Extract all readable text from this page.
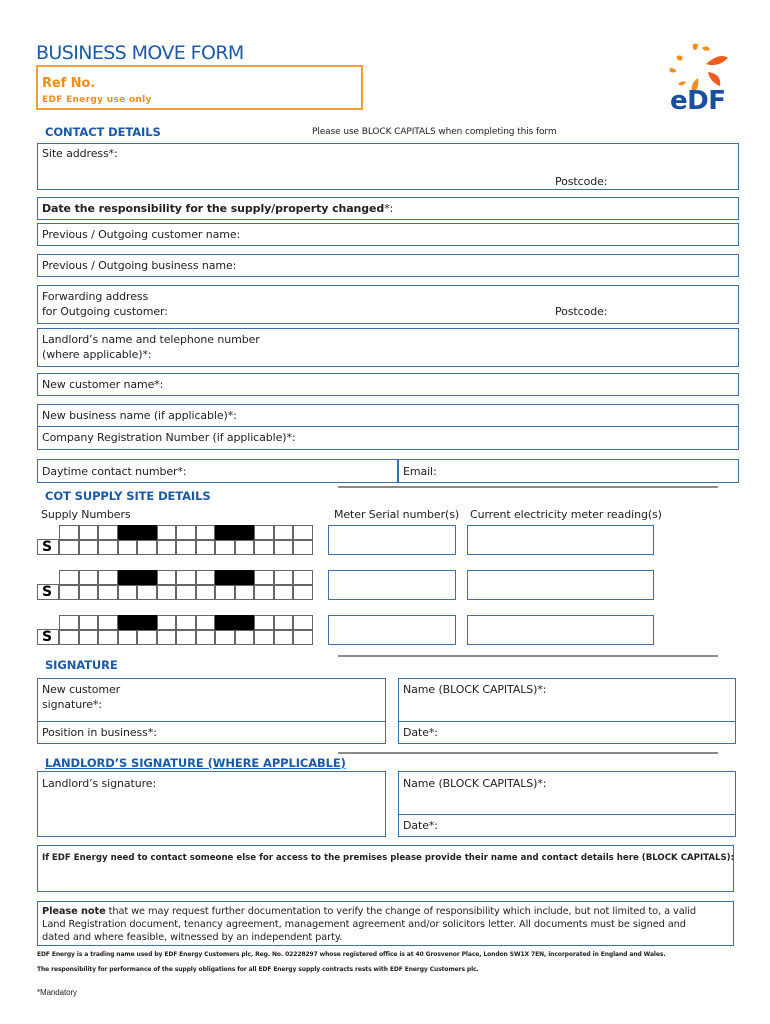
BUSINESS MOVE FORM
Ref No.
EDF Energy use only	eDF
CONTACT DETAILS	Please use BLOCK CAPITALS when completing this form
Site address*:
Postcode:
Date the responsibility for the supply/property changed*:
Previous / Outgoing customer name:
Previous / Outgoing business name:
Forwarding address
for Outgoing customer:	Postcode:
Landlord’s name and telephone number
(where applicable)*:
New customer name*:
New business name (if applicable)*:
Company Registration Number (if applicable)*:
Daytime contact number*:	Email:
COT SUPPLY SITE DETAILS
Supply Numbers	Meter Serial number(s) Current electricity meter reading(s)
S
S
S
SIGNATURE
New customer
signature*:
Name (BLOCK CAPITALS)*:
Position in business*:	Date*:
LANDLORD’S SIGNATURE (WHERE APPLICABLE)
Landlord’s signature:	Name (BLOCK CAPITALS)*:
Date*:
If EDF Energy need to contact someone else for access to the premises please provide their name and contact details here (BLOCK CAPITALS):
Please note that we may request further documentation to verify the change of responsibility which include, but not limited to, a valid
Land Registration document, tenancy agreement, management agreement and/or solicitors letter. All documents must be signed and
dated and where feasible, witnessed by an independent party.
EDF Energy is a trading name used by EDF Energy Customers plc, Reg. No. 02228297 whose registered office is at 40 Grosvenor Place, London SW1X 7EN, incorporated in England and Wales.
The responsibility for performance of the supply obligations for all EDF Energy supply contracts rests with EDF Energy Customers plc.
*Mandatory
